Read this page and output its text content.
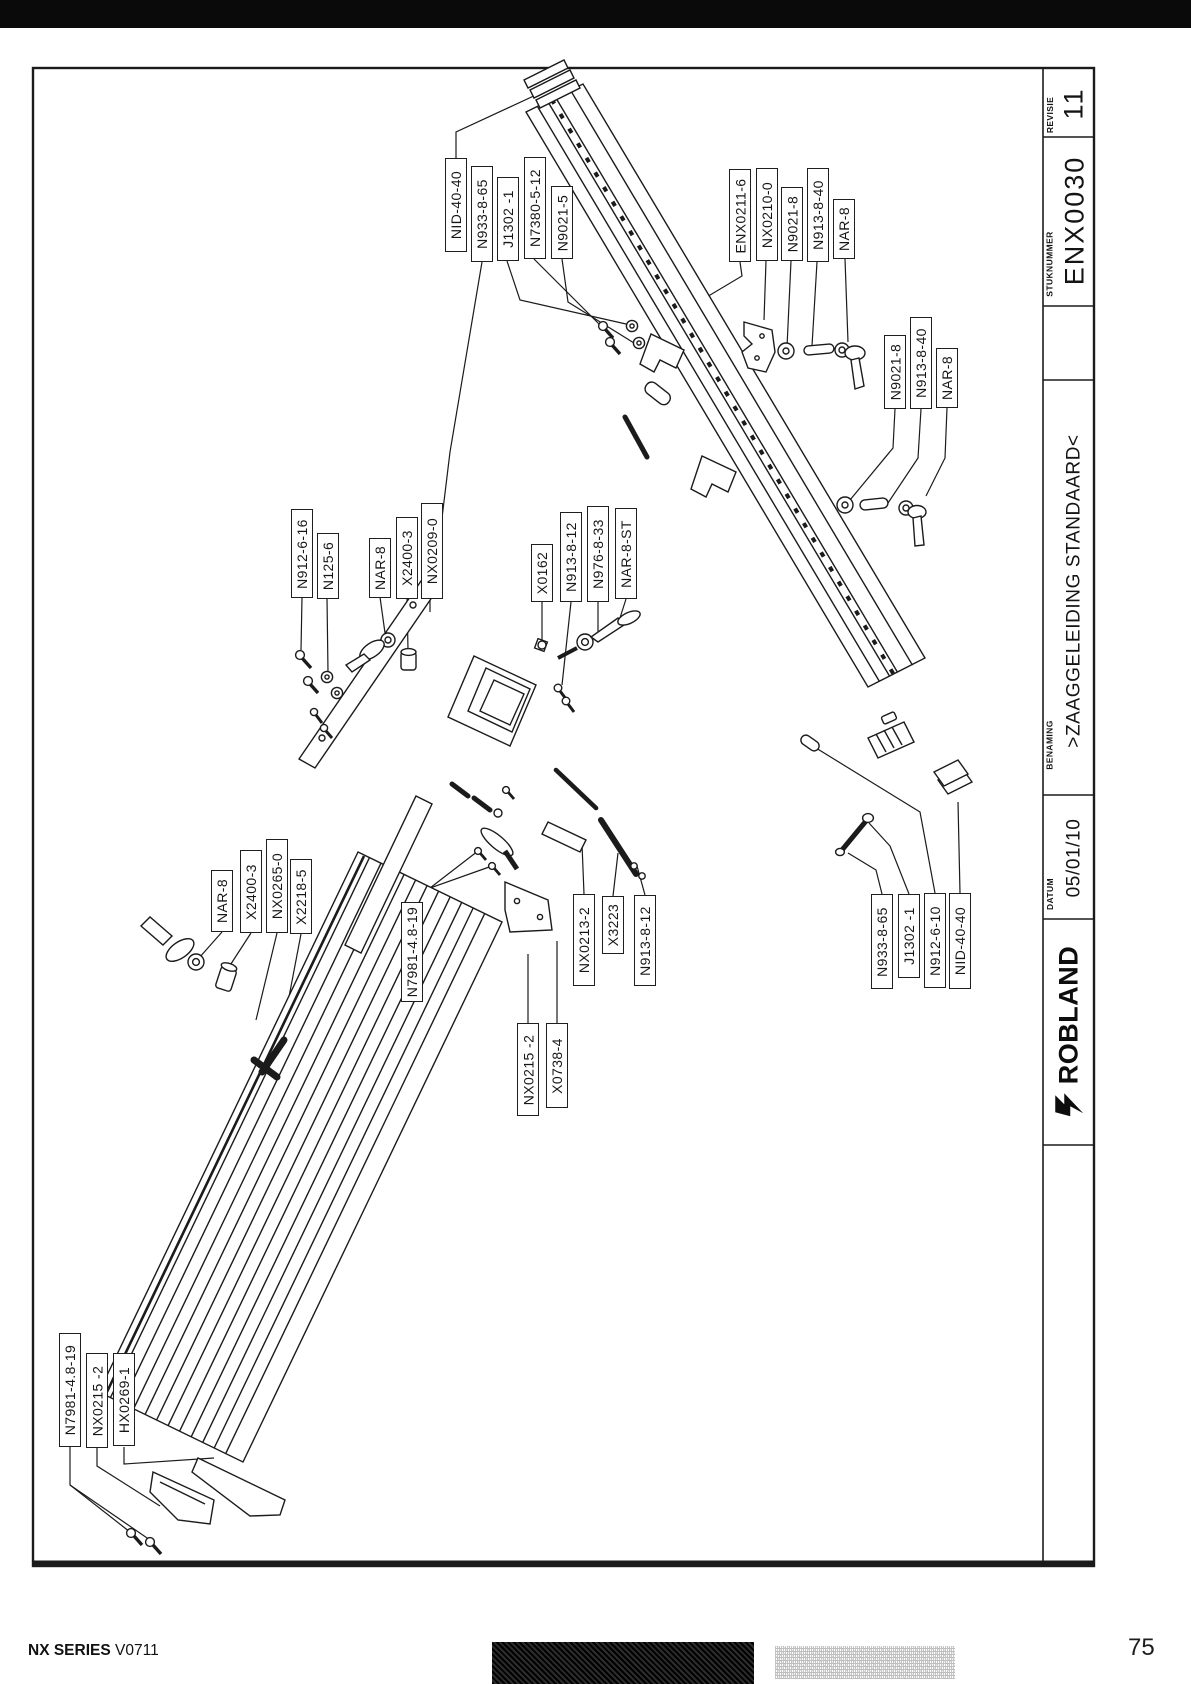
NID-40-40 N933-8-65 J1302 -1 N7380-5-12 N9021-5	ENX0211-6 NX0210-0 N9021-8 N913-8-40 NAR-8
N9021-8 N913-8-40 NAR-8
N912-6-16 N125-6	NAR-8 X2400-3 NX0209-0	X0162 N913-8-12 N976-8-33 NAR-8-ST
NAR-8 X2400-3 NX0265-0 X2218-5
N7981-4.8-19	NX0213-2 X3223 N913-8-12
NX0215 -2 X0738-4
N933-8-65 J1302 -1 N912-6-10 NID-40-40
N7981-4.8-19 NX0215 -2 HX0269-1
REVISIE 11
STUKNUMMER ENX0030
BENAMING >ZAAGGELEIDING STANDAARD<
DATUM 05/01/10
ROBLAND
NX SERIES V0711	75
